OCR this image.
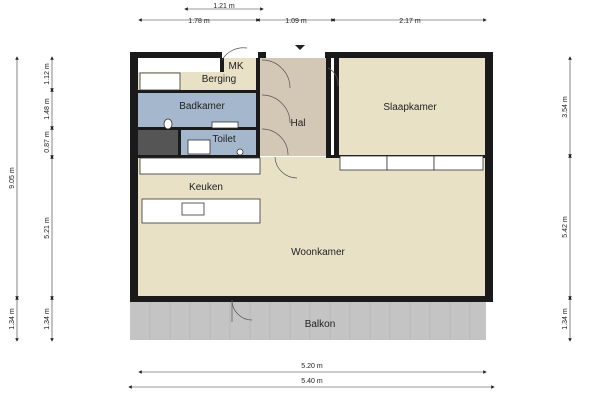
MK
Berging
Badkamer
Hal
Slaapkamer
Toilet
Keuken
Woonkamer
Balkon
1.21 m
1.78 m	1.09 m	2.17 m
5.20 m
5.40 m
9.05 m
1.12 m
1.48 m
0.87 m
5.21 m
1.34 m
1.34 m
3.54 m
5.42 m
1.34 m
